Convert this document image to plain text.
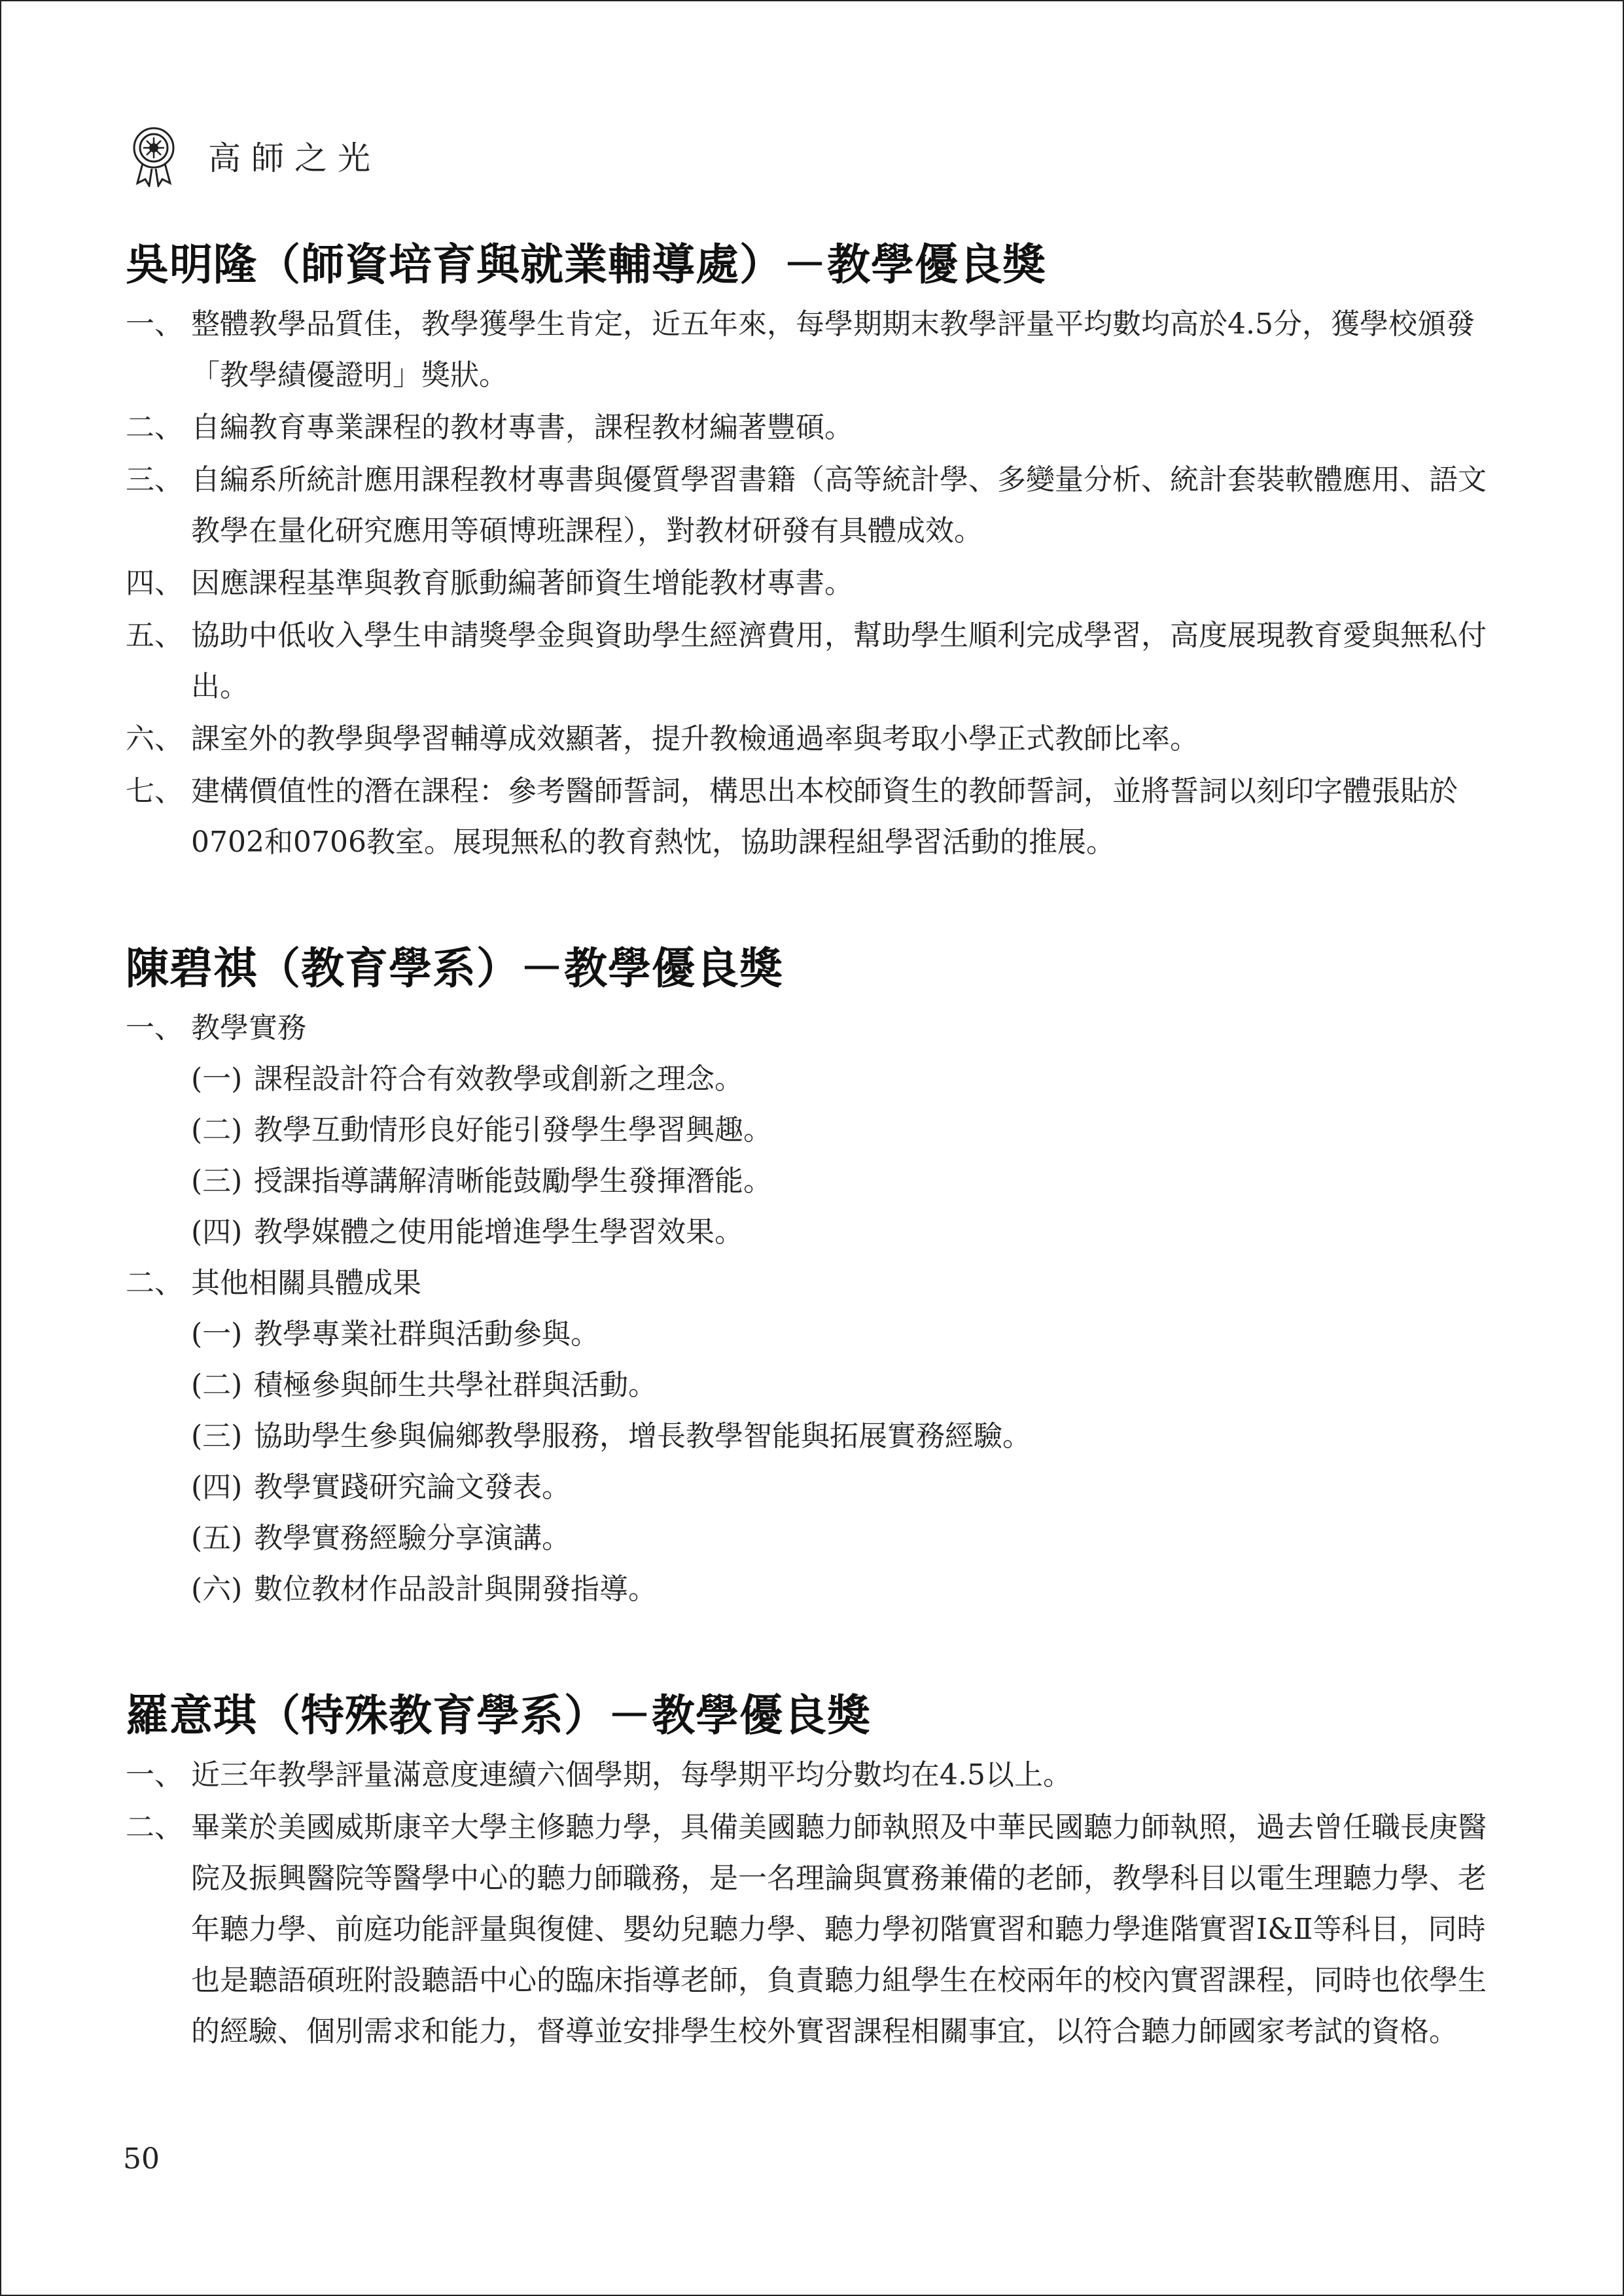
高師之光
吳明隆（師資培育與就業輔導處）－教學優良獎
一、 整體教學品質佳，教學獲學生肯定，近五年來，每學期期末教學評量平均數均高於4.5分，獲學校頒發「教學績優證明」獎狀。
二、 自編教育專業課程的教材專書，課程教材編著豐碩。
三、 自編系所統計應用課程教材專書與優質學習書籍（高等統計學、多變量分析、統計套裝軟體應用、語文教學在量化研究應用等碩博班課程），對教材研發有具體成效。
四、 因應課程基準與教育脈動編著師資生增能教材專書。
五、 協助中低收入學生申請獎學金與資助學生經濟費用，幫助學生順利完成學習，高度展現教育愛與無私付出。
六、 課室外的教學與學習輔導成效顯著，提升教檢通過率與考取小學正式教師比率。
七、 建構價值性的潛在課程：參考醫師誓詞，構思出本校師資生的教師誓詞，並將誓詞以刻印字體張貼於0702和0706教室。展現無私的教育熱忱，協助課程組學習活動的推展。
陳碧祺（教育學系）－教學優良獎
一、 教學實務
(一) 課程設計符合有效教學或創新之理念。
(二) 教學互動情形良好能引發學生學習興趣。
(三) 授課指導講解清晰能鼓勵學生發揮潛能。
(四) 教學媒體之使用能增進學生學習效果。
二、 其他相關具體成果
(一) 教學專業社群與活動參與。
(二) 積極參與師生共學社群與活動。
(三) 協助學生參與偏鄉教學服務，增長教學智能與拓展實務經驗。
(四) 教學實踐研究論文發表。
(五) 教學實務經驗分享演講。
(六) 數位教材作品設計與開發指導。
羅意琪（特殊教育學系）－教學優良獎
一、 近三年教學評量滿意度連續六個學期，每學期平均分數均在4.5以上。
二、 畢業於美國威斯康辛大學主修聽力學，具備美國聽力師執照及中華民國聽力師執照，過去曾任職長庚醫院及振興醫院等醫學中心的聽力師職務，是一名理論與實務兼備的老師，教學科目以電生理聽力學、老年聽力學、前庭功能評量與復健、嬰幼兒聽力學、聽力學初階實習和聽力學進階實習Ⅰ&Ⅱ等科目，同時也是聽語碩班附設聽語中心的臨床指導老師，負責聽力組學生在校兩年的校內實習課程，同時也依學生的經驗、個別需求和能力，督導並安排學生校外實習課程相關事宜，以符合聽力師國家考試的資格。
50
